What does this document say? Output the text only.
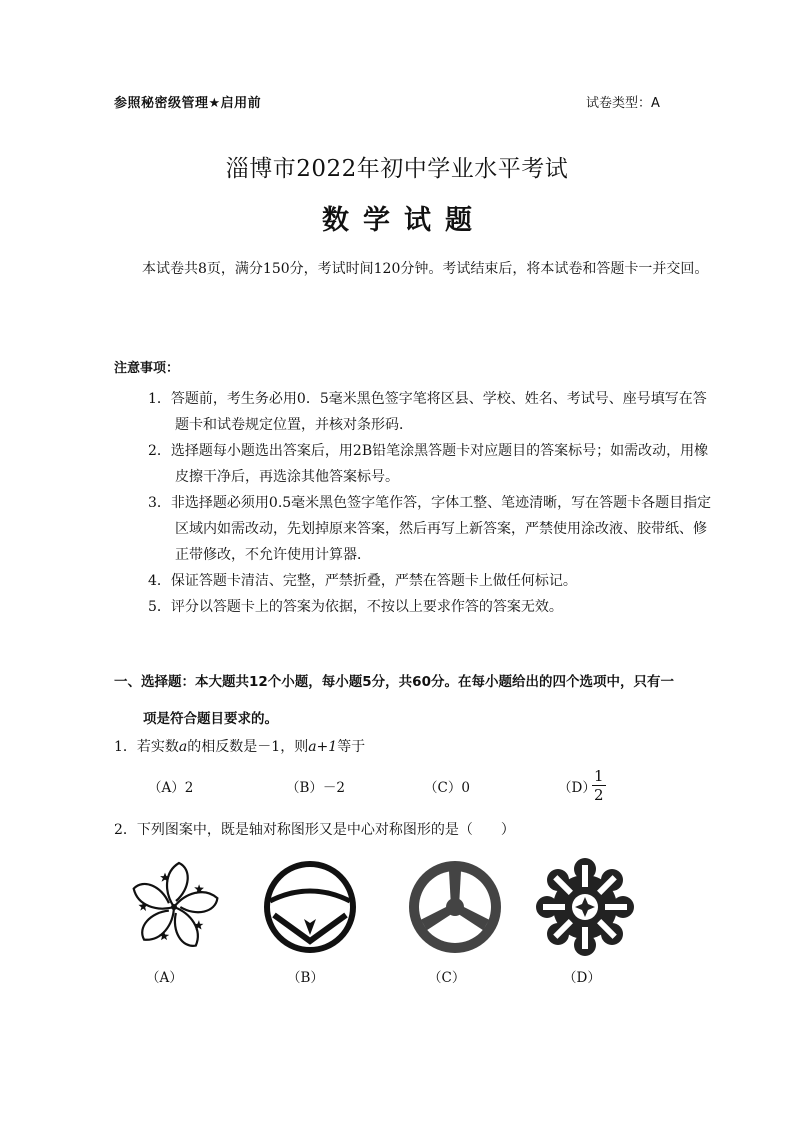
参照秘密级管理★启用前	试卷类型：A
淄博市2022年初中学业水平考试
数学试题
本试卷共8页，满分150分，考试时间120分钟。考试结束后，将本试卷和答题卡一并交回。
注意事项：
1．答题前，考生务必用0．5毫米黑色签字笔将区县、学校、姓名、考试号、座号填写在答题卡和试卷规定位置，并核对条形码．
2．选择题每小题选出答案后，用2B铅笔涂黑答题卡对应题目的答案标号；如需改动，用橡皮擦干净后，再选涂其他答案标号。
3．非选择题必须用0.5毫米黑色签字笔作答，字体工整、笔迹清晰，写在答题卡各题目指定区域内如需改动，先划掉原来答案，然后再写上新答案，严禁使用涂改液、胶带纸、修正带修改，不允许使用计算器．
4．保证答题卡清洁、完整，严禁折叠，严禁在答题卡上做任何标记。
5．评分以答题卡上的答案为依据，不按以上要求作答的答案无效。
一、选择题：本大题共12个小题，每小题5分，共60分。在每小题给出的四个选项中，只有一
项是符合题目要求的。
1．若实数a的相反数是－1，则a+1等于
（A）2	（B）－2	（C）0	（D）
$\frac{1}{2}$
2．下列图案中，既是轴对称图形又是中心对称图形的是（　　）
（A）	（B）	（C）	（D）
